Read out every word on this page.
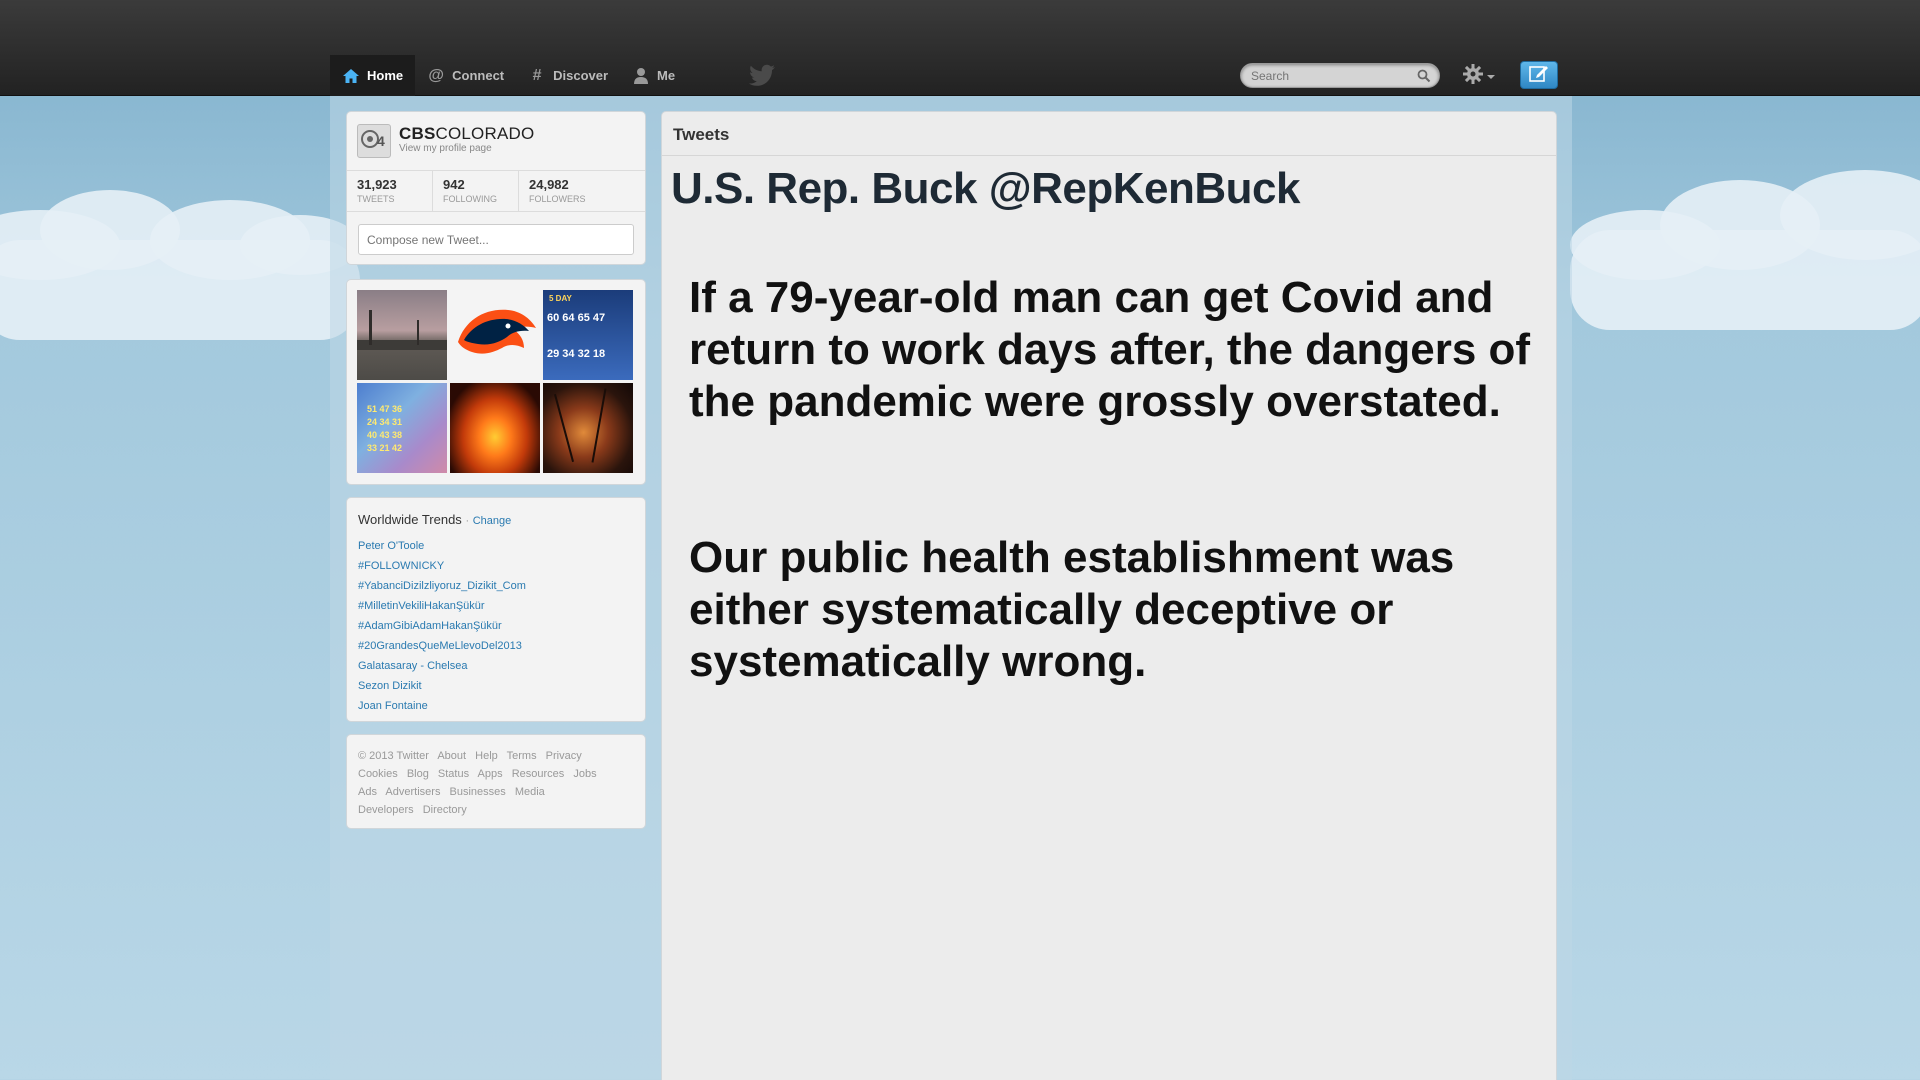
Home @ Connect # Discover	Me
Search
4 CBSCOLORADO
View my profile page
31,923
TWEETS
942
FOLLOWING
24,982
FOLLOWERS
Compose new Tweet...
5 DAY
60 64 65 47
29 34 32 18
51 47 36
24 34 31
40 43 38
33 21 42
Worldwide Trends · Change
Peter O'Toole
#FOLLOWNICKY
#YabanciDizilzliyoruz_Dizikit_Com
#MilletinVekiliHakanŞükür
#AdamGibiAdamHakanŞükür
#20GrandesQueMeLlevoDel2013
Galatasaray - Chelsea
Sezon Dizikit
Joan Fontaine
© 2013 Twitter About Help Terms Privacy
Cookies Blog Status Apps Resources Jobs
Ads Advertisers Businesses Media
Developers Directory
Tweets
U.S. Rep. Buck @RepKenBuck
If a 79-year-old man can get Covid and return to work days after, the dangers of the pandemic were grossly overstated.
Our public health establishment was either systematically deceptive or systematically wrong.
